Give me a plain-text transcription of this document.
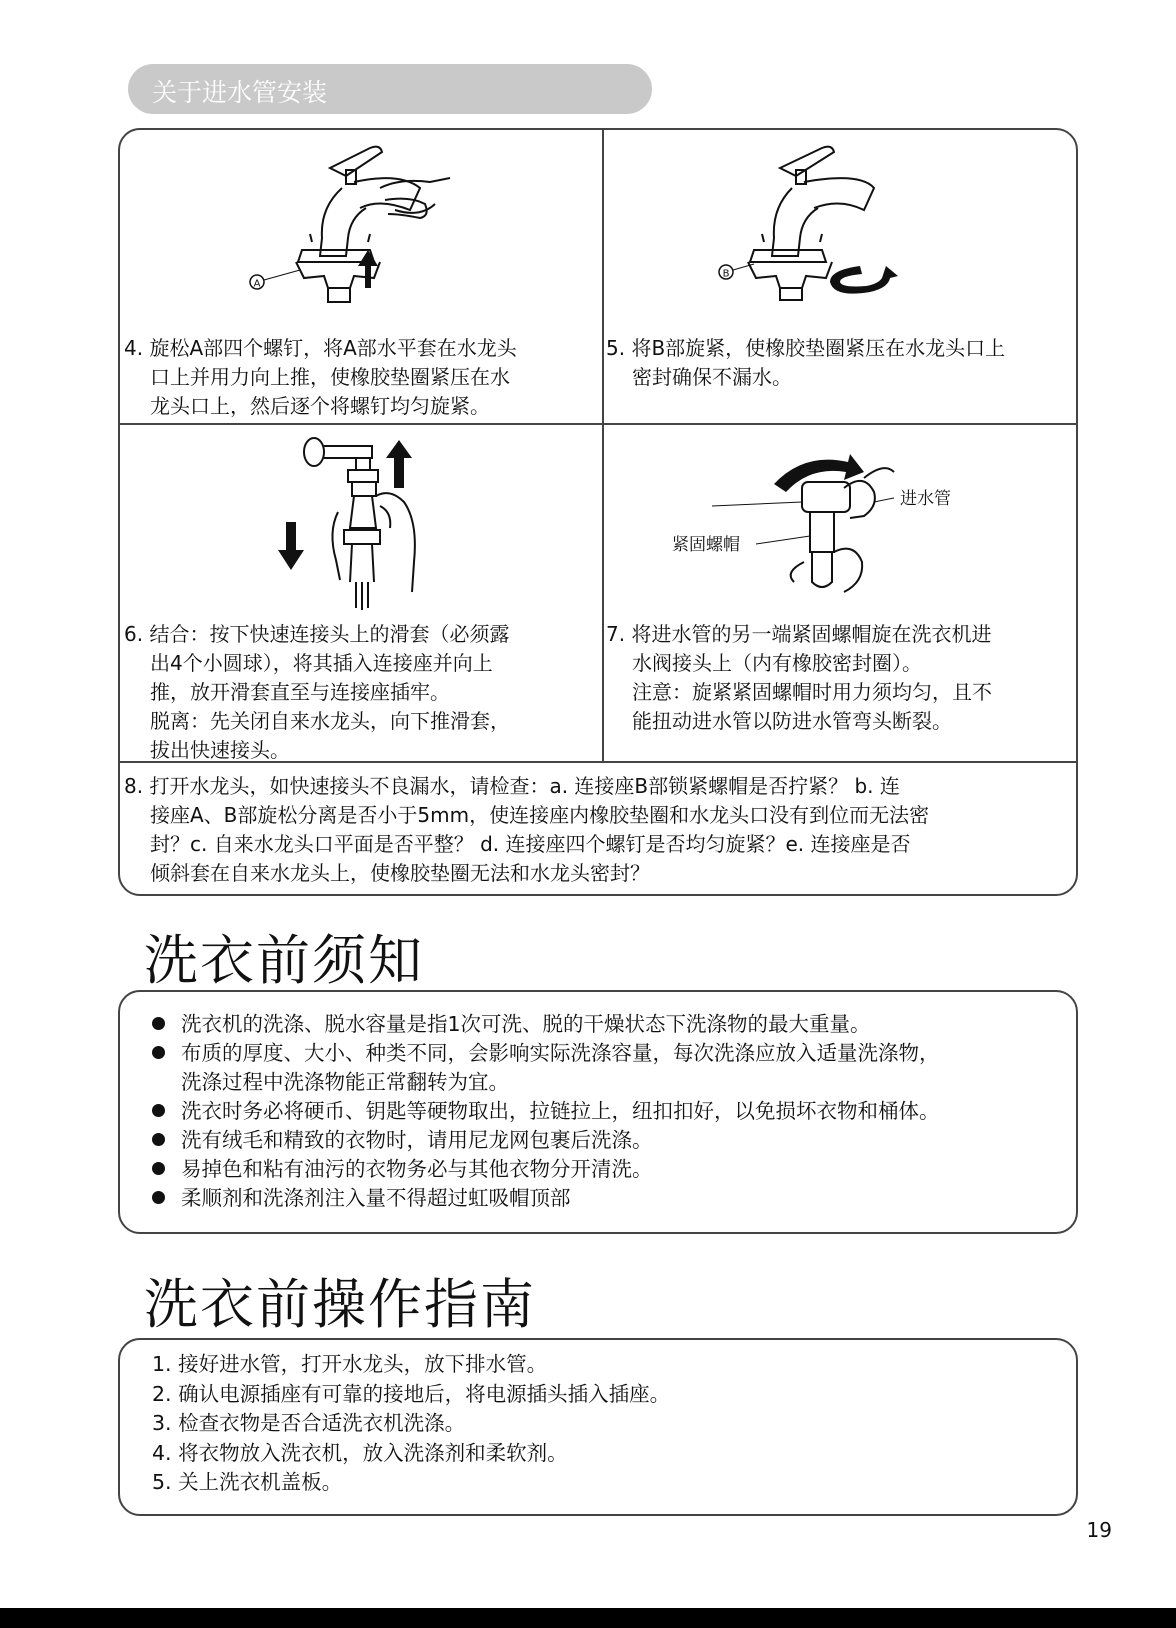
关于进水管安装
A
B
4. 旋松A部四个螺钉，将A部水平套在水龙头
口上并用力向上推，使橡胶垫圈紧压在水
龙头口上，然后逐个将螺钉均匀旋紧。
5. 将B部旋紧，使橡胶垫圈紧压在水龙头口上
密封确保不漏水。
进水管
紧固螺帽
6. 结合：按下快速连接头上的滑套（必须露
出4个小圆球），将其插入连接座并向上
推，放开滑套直至与连接座插牢。
脱离：先关闭自来水龙头，向下推滑套，
拔出快速接头。
7. 将进水管的另一端紧固螺帽旋在洗衣机进
水阀接头上（内有橡胶密封圈）。
注意：旋紧紧固螺帽时用力须均匀，且不
能扭动进水管以防进水管弯头断裂。
8. 打开水龙头，如快速接头不良漏水，请检查：a. 连接座B部锁紧螺帽是否拧紧？ b. 连
接座A、B部旋松分离是否小于5mm，使连接座内橡胶垫圈和水龙头口没有到位而无法密
封？c. 自来水龙头口平面是否平整？ d. 连接座四个螺钉是否均匀旋紧？e. 连接座是否
倾斜套在自来水龙头上，使橡胶垫圈无法和水龙头密封？
洗衣前须知
洗衣机的洗涤、脱水容量是指1次可洗、脱的干燥状态下洗涤物的最大重量。
布质的厚度、大小、种类不同，会影响实际洗涤容量，每次洗涤应放入适量洗涤物，
洗涤过程中洗涤物能正常翻转为宜。
洗衣时务必将硬币、钥匙等硬物取出，拉链拉上，纽扣扣好，以免损坏衣物和桶体。
洗有绒毛和精致的衣物时，请用尼龙网包裹后洗涤。
易掉色和粘有油污的衣物务必与其他衣物分开清洗。
柔顺剂和洗涤剂注入量不得超过虹吸帽顶部
洗衣前操作指南
1. 接好进水管，打开水龙头，放下排水管。
2. 确认电源插座有可靠的接地后，将电源插头插入插座。
3. 检查衣物是否合适洗衣机洗涤。
4. 将衣物放入洗衣机，放入洗涤剂和柔软剂。
5. 关上洗衣机盖板。
19
